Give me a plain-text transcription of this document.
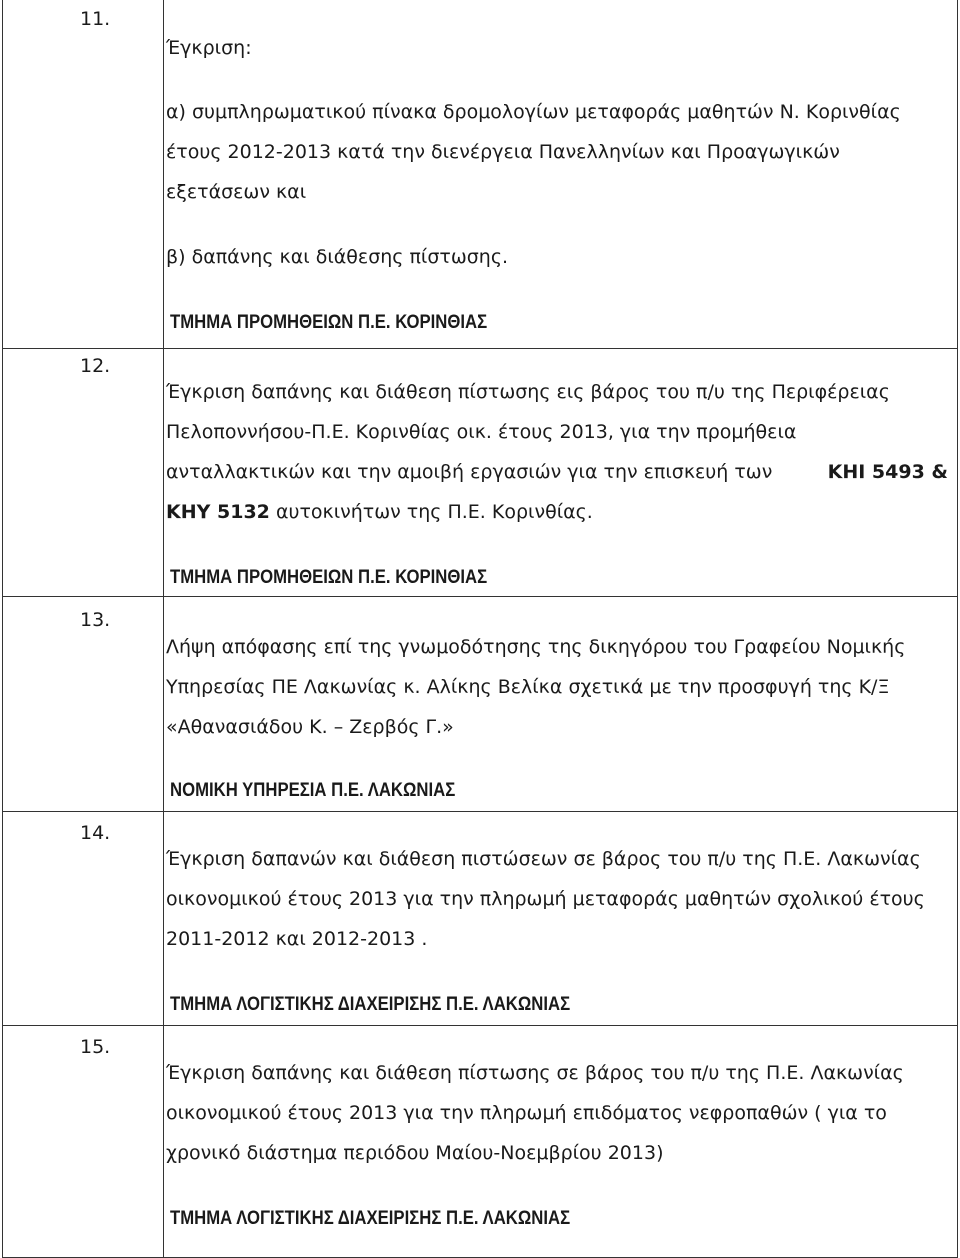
11.
Έγκριση:
α) συμπληρωματικού πίνακα δρομολογίων μεταφοράς μαθητών Ν. Κορινθίας
έτους 2012-2013 κατά την διενέργεια Πανελληνίων και Προαγωγικών
εξετάσεων και
β) δαπάνης και διάθεσης πίστωσης.
ΤΜΗΜΑ ΠΡΟΜΗΘΕΙΩΝ Π.Ε. ΚΟΡΙΝΘΙΑΣ
12.
Έγκριση δαπάνης και διάθεση πίστωσης εις βάρος του π/υ της Περιφέρειας
Πελοποννήσου-Π.Ε. Κορινθίας οικ. έτους 2013, για την προμήθεια
ανταλλακτικών και την αμοιβή εργασιών για την επισκευή των	ΚΗΙ 5493 &
ΚΗΥ 5132 αυτοκινήτων της Π.Ε. Κορινθίας.
ΤΜΗΜΑ ΠΡΟΜΗΘΕΙΩΝ Π.Ε. ΚΟΡΙΝΘΙΑΣ
13.
Λήψη απόφασης επί της γνωμοδότησης της δικηγόρου του Γραφείου Νομικής
Υπηρεσίας ΠΕ Λακωνίας κ. Αλίκης Βελίκα σχετικά με την προσφυγή της Κ/Ξ
«Αθανασιάδου Κ. – Ζερβός Γ.»
ΝΟΜΙΚΗ ΥΠΗΡΕΣΙΑ Π.Ε. ΛΑΚΩΝΙΑΣ
14.
Έγκριση δαπανών και διάθεση πιστώσεων σε βάρος του π/υ της Π.Ε. Λακωνίας
οικονομικού έτους 2013 για την πληρωμή μεταφοράς μαθητών σχολικού έτους
2011-2012 και 2012-2013 .
ΤΜΗΜΑ ΛΟΓΙΣΤΙΚΗΣ ΔΙΑΧΕΙΡΙΣΗΣ Π.Ε. ΛΑΚΩΝΙΑΣ
15.
Έγκριση δαπάνης και διάθεση πίστωσης σε βάρος του π/υ της Π.Ε. Λακωνίας
οικονομικού έτους 2013 για την πληρωμή επιδόματος νεφροπαθών ( για το
χρονικό διάστημα περιόδου Μαίου-Νοεμβρίου 2013)
ΤΜΗΜΑ ΛΟΓΙΣΤΙΚΗΣ ΔΙΑΧΕΙΡΙΣΗΣ Π.Ε. ΛΑΚΩΝΙΑΣ
